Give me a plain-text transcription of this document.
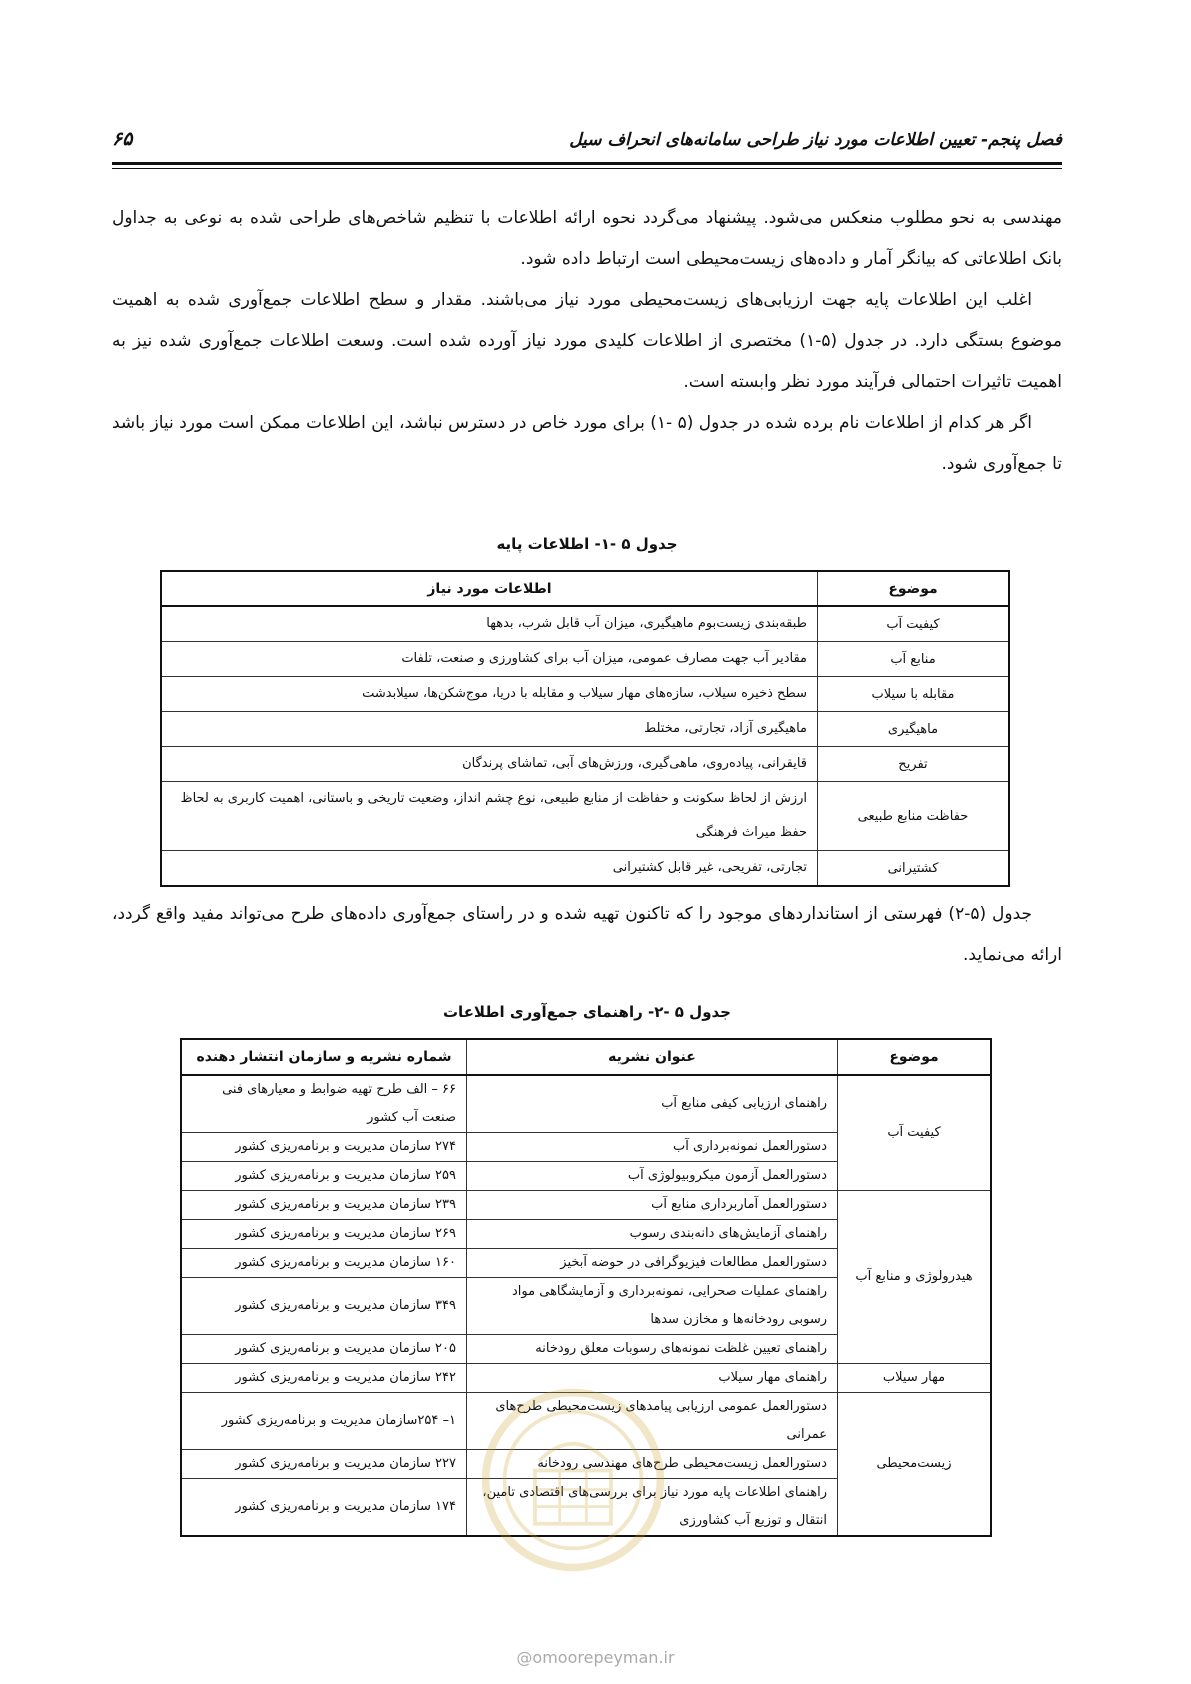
فصل پنجم- تعیین اطلاعات مورد نیاز طراحی سامانه‌های انحراف سیل
۶۵

مهندسی به نحو مطلوب منعکس می‌شود. پیشنهاد می‌گردد نحوه ارائه اطلاعات با تنظیم شاخص‌های طراحی شده به نوعی به جداول بانک اطلاعاتی که بیانگر آمار و داده‌های زیست‌محیطی است ارتباط داده شود.

اغلب این اطلاعات پایه جهت ارزیابی‌های زیست‌محیطی مورد نیاز می‌باشند. مقدار و سطح اطلاعات جمع‌آوری شده به اهمیت موضوع بستگی دارد. در جدول (۵-۱) مختصری از اطلاعات کلیدی مورد نیاز آورده شده است. وسعت اطلاعات جمع‌آوری شده نیز به اهمیت تاثیرات احتمالی فرآیند مورد نظر وابسته است.

اگر هر کدام از اطلاعات نام برده شده در جدول (۵ -۱) برای مورد خاص در دسترس نباشد، این اطلاعات ممکن است مورد نیاز باشد تا جمع‌آوری شود.

جدول ۵ -۱- اطلاعات پایه
موضوع	اطلاعات مورد نیاز
کیفیت آب	طبقه‌بندی زیست‌بوم ماهیگیری، میزان آب قابل شرب، بدهها
منابع آب	مقادیر آب جهت مصارف عمومی، میزان آب برای کشاورزی و صنعت، تلفات
مقابله با سیلاب	سطح ذخیره سیلاب، سازه‌های مهار سیلاب و مقابله با دریا، موج‌شکن‌ها، سیلابدشت
ماهیگیری	ماهیگیری آزاد، تجارتی، مختلط
تفریح	قایقرانی، پیاده‌روی، ماهی‌گیری، ورزش‌های آبی، تماشای پرندگان
حفاظت منابع طبیعی	ارزش از لحاظ سکونت و حفاظت از منابع طبیعی، نوع چشم انداز، وضعیت تاریخی و باستانی، اهمیت کاربری به لحاظ حفظ میراث فرهنگی
کشتیرانی	تجارتی، تفریحی، غیر قابل کشتیرانی

جدول (۵-۲) فهرستی از استانداردهای موجود را که تاکنون تهیه شده و در راستای جمع‌آوری داده‌های طرح می‌تواند مفید واقع گردد، ارائه می‌نماید.

جدول ۵ -۲- راهنمای جمع‌آوری اطلاعات
موضوع	عنوان نشریه	شماره نشریه و سازمان انتشار دهنده
کیفیت آب	راهنمای ارزیابی کیفی منابع آب	۶۶ – الف طرح تهیه ضوابط و معیارهای فنی صنعت آب کشور
	دستورالعمل نمونه‌برداری آب	۲۷۴ سازمان مدیریت و برنامه‌ریزی کشور
	دستورالعمل آزمون میکروبیولوژی آب	۲۵۹ سازمان مدیریت و برنامه‌ریزی کشور
هیدرولوژی و منابع آب	دستورالعمل آماربرداری منابع آب	۲۳۹ سازمان مدیریت و برنامه‌ریزی کشور
	راهنمای آزمایش‌های دانه‌بندی رسوب	۲۶۹ سازمان مدیریت و برنامه‌ریزی کشور
	دستورالعمل مطالعات فیزیوگرافی در حوضه آبخیز	۱۶۰ سازمان مدیریت و برنامه‌ریزی کشور
	راهنمای عملیات صحرایی، نمونه‌برداری و آزمایشگاهی مواد رسوبی رودخانه‌ها و مخازن سدها	۳۴۹ سازمان مدیریت و برنامه‌ریزی کشور
	راهنمای تعیین غلظت نمونه‌های رسوبات معلق رودخانه	۲۰۵ سازمان مدیریت و برنامه‌ریزی کشور
مهار سیلاب	راهنمای مهار سیلاب	۲۴۲ سازمان مدیریت و برنامه‌ریزی کشور
زیست‌محیطی	دستورالعمل عمومی ارزیابی پیامدهای زیست‌محیطی طرح‌های عمرانی	۱– ۲۵۴سازمان مدیریت و برنامه‌ریزی کشور
	دستورالعمل زیست‌محیطی طرح‌های مهندسی رودخانه	۲۲۷ سازمان مدیریت و برنامه‌ریزی کشور
	راهنمای اطلاعات پایه مورد نیاز برای بررسی‌های اقتصادی تامین، انتقال و توزیع آب کشاورزی	۱۷۴ سازمان مدیریت و برنامه‌ریزی کشور
@omoorepeyman.ir
